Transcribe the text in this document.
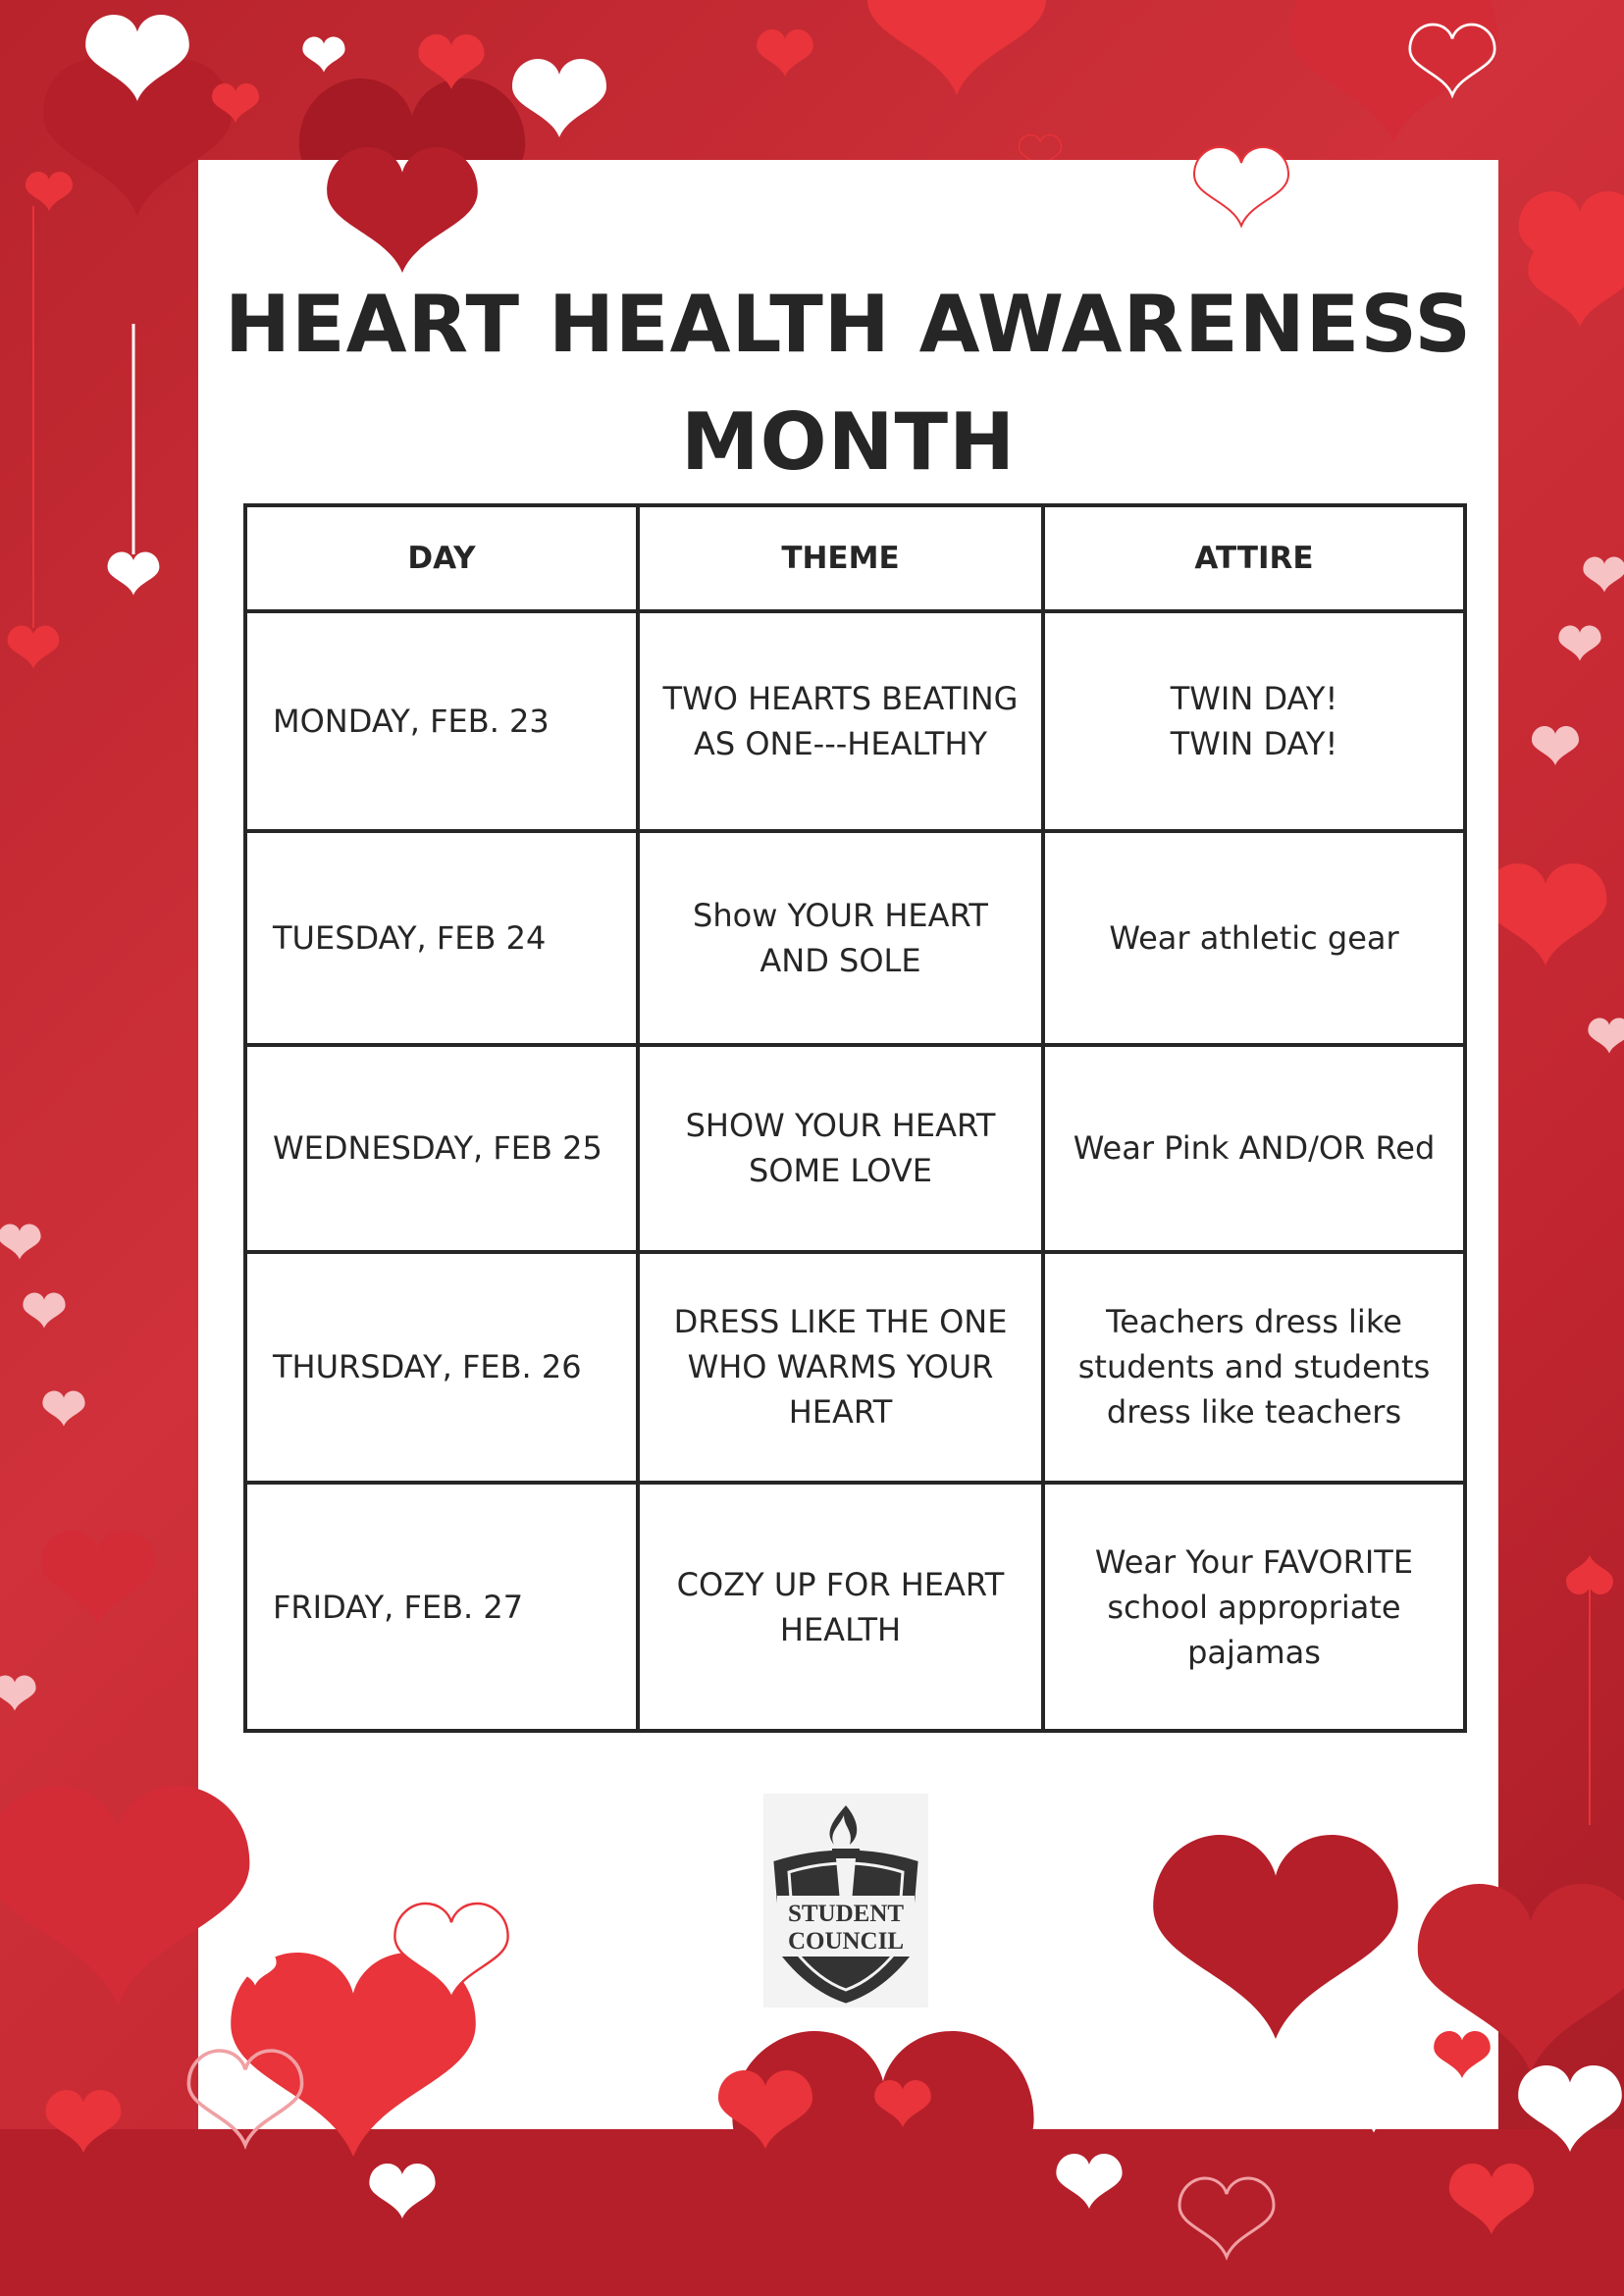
HEART HEALTH AWARENESS MONTH
DAY	THEME	ATTIRE
MONDAY, FEB. 23	TWO HEARTS BEATING AS ONE---HEALTHY	TWIN DAY!
TWIN DAY!

TUESDAY, FEB 24	Show YOUR HEART AND SOLE	Wear athletic gear

WEDNESDAY, FEB 25	SHOW YOUR HEART SOME LOVE	Wear Pink AND/OR Red

THURSDAY, FEB. 26	DRESS LIKE THE ONE WHO WARMS YOUR HEART	Teachers dress like students and students dress like teachers

FRIDAY, FEB. 27	COZY UP FOR HEART HEALTH	Wear Your FAVORITE school appropriate pajamas
STUDENT
COUNCIL
